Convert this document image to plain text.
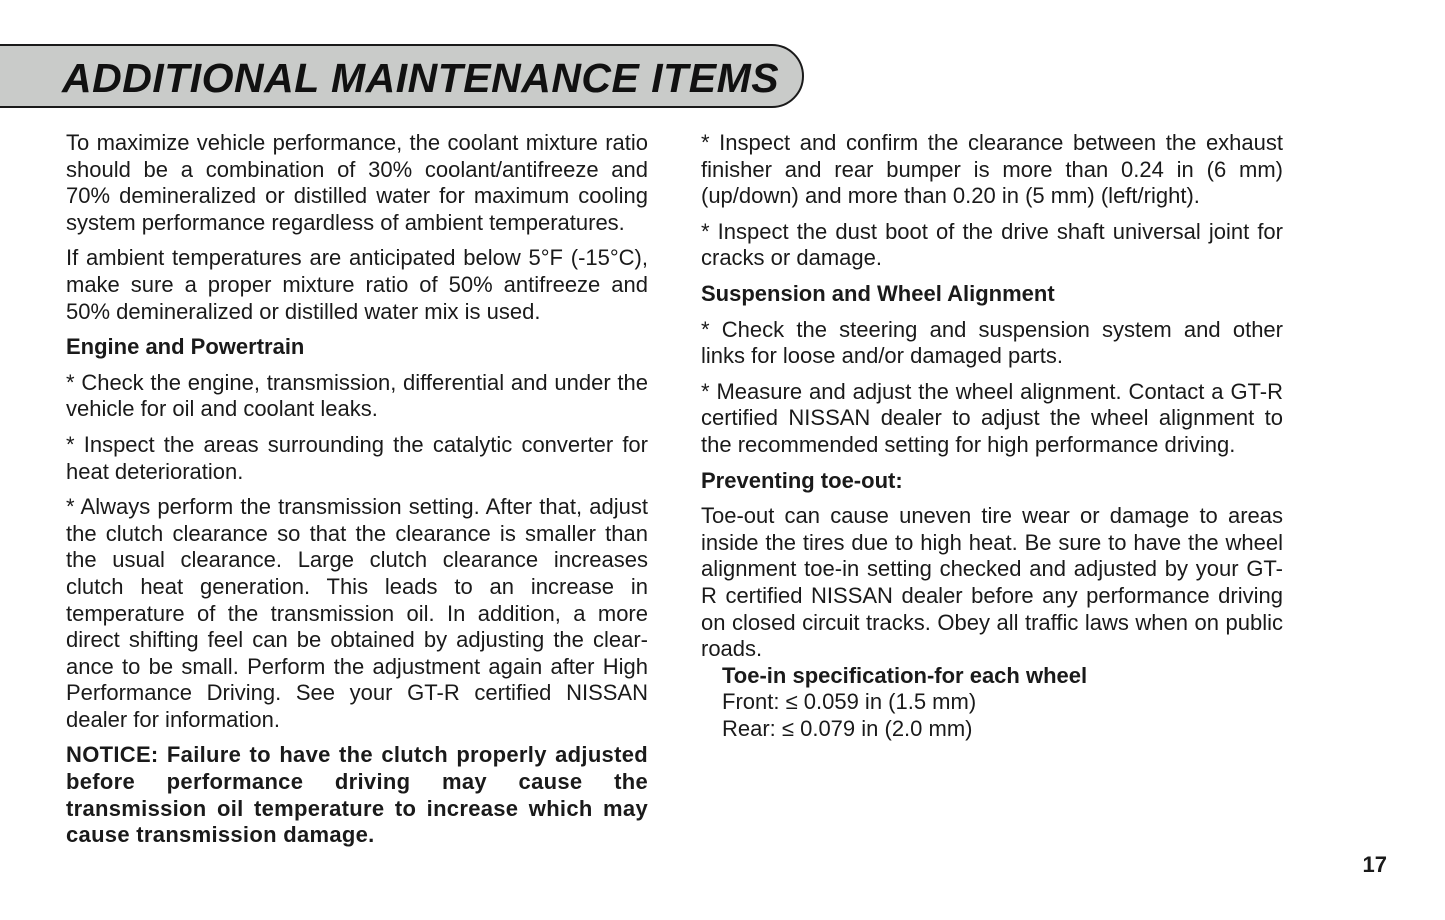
ADDITIONAL MAINTENANCE ITEMS

To maximize vehicle performance, the coolant mixture ratio should be a combination of 30% coolant/antifreeze and 70% demineralized or distilled water for maximum cooling system performance regardless of ambient temperatures.

If ambient temperatures are anticipated below 5°F (-15°C), make sure a proper mixture ratio of 50% antifreeze and 50% demineralized or distilled water mix is used.

Engine and Powertrain

* Check the engine, transmission, differential and under the vehicle for oil and coolant leaks.

* Inspect the areas surrounding the catalytic converter for heat deterioration.

* Always perform the transmission setting. After that, adjust the clutch clearance so that the clearance is smaller than the usual clearance. Large clutch clearance increases clutch heat generation. This leads to an increase in temperature of the transmission oil. In addition, a more direct shifting feel can be obtained by adjusting the clearance to be small. Perform the adjustment again after High Performance Driving. See your GT-R certified NISSAN dealer for information.

NOTICE: Failure to have the clutch properly adjusted before performance driving may cause the transmission oil temperature to increase which may cause transmission damage.

* Inspect and confirm the clearance between the exhaust finisher and rear bumper is more than 0.24 in (6 mm) (up/down) and more than 0.20 in (5 mm) (left/right).

* Inspect the dust boot of the drive shaft universal joint for cracks or damage.

Suspension and Wheel Alignment

* Check the steering and suspension system and other links for loose and/or damaged parts.

* Measure and adjust the wheel alignment. Contact a GT-R certified NISSAN dealer to adjust the wheel alignment to the recommended setting for high performance driving.

Preventing toe-out:

Toe-out can cause uneven tire wear or damage to areas inside the tires due to high heat. Be sure to have the wheel alignment toe-in setting checked and adjusted by your GT-R certified NISSAN dealer before any performance driving on closed circuit tracks. Obey all traffic laws when on public roads.

Toe-in specification-for each wheel
Front: ≤ 0.059 in (1.5 mm)
Rear: ≤ 0.079 in (2.0 mm)
17
